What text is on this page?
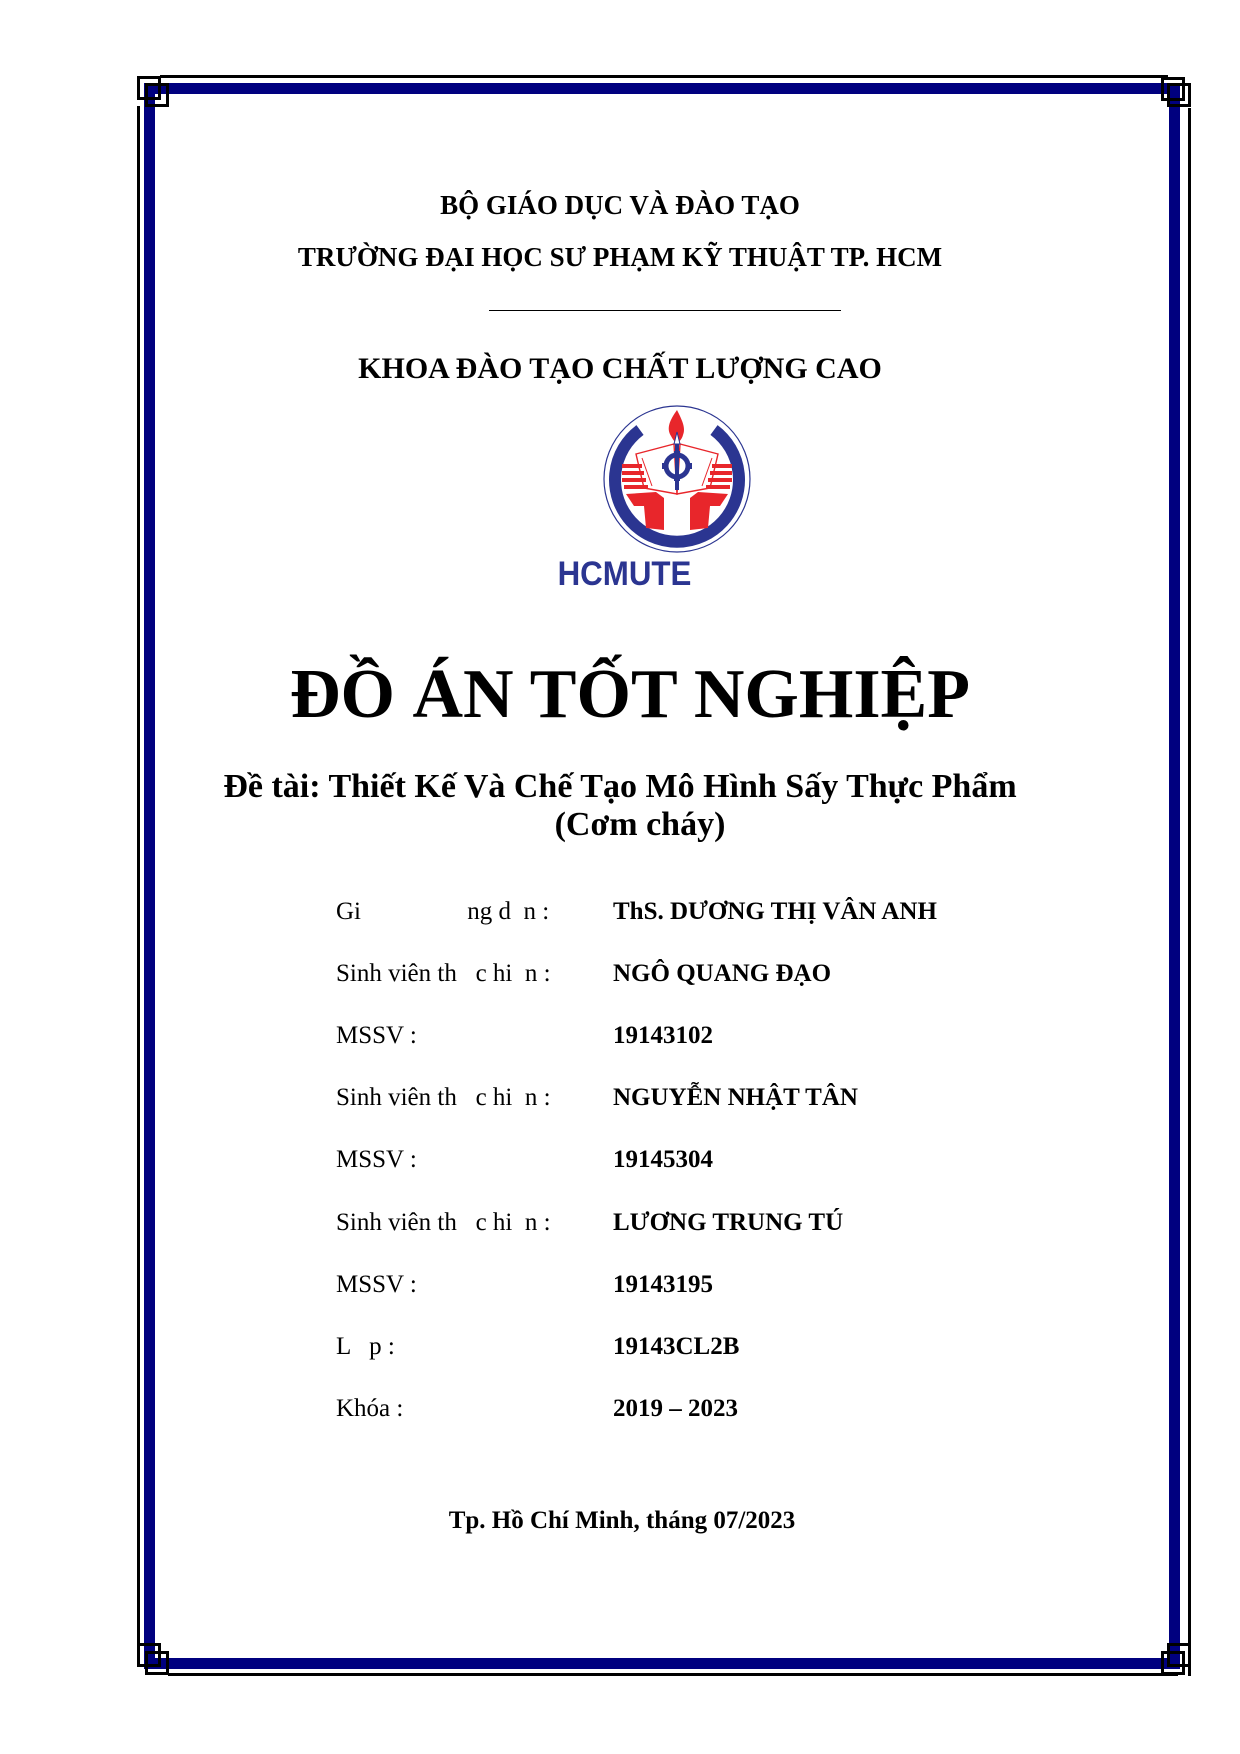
BỘ GIÁO DỤC VÀ ĐÀO TẠO
TRƯỜNG ĐẠI HỌC SƯ PHẠM KỸ THUẬT TP. HCM
KHOA ĐÀO TẠO CHẤT LƯỢNG CAO
HCMUTE
ĐỒ ÁN TỐT NGHIỆP
Đề tài: Thiết Kế Và Chế Tạo Mô Hình Sấy Thực Phẩm
(Cơm cháy)
Gi                 ng d  n :	ThS. DƯƠNG THỊ VÂN ANH
Sinh viên th   c hi  n : NGÔ QUANG ĐẠO
MSSV :	19143102
Sinh viên th   c hi  n : NGUYỄN NHẬT TÂN
MSSV :	19145304
Sinh viên th   c hi  n : LƯƠNG TRUNG TÚ
MSSV :	19143195
L   p :	19143CL2B
Khóa :	2019 – 2023
Tp. Hồ Chí Minh, tháng 07/2023
